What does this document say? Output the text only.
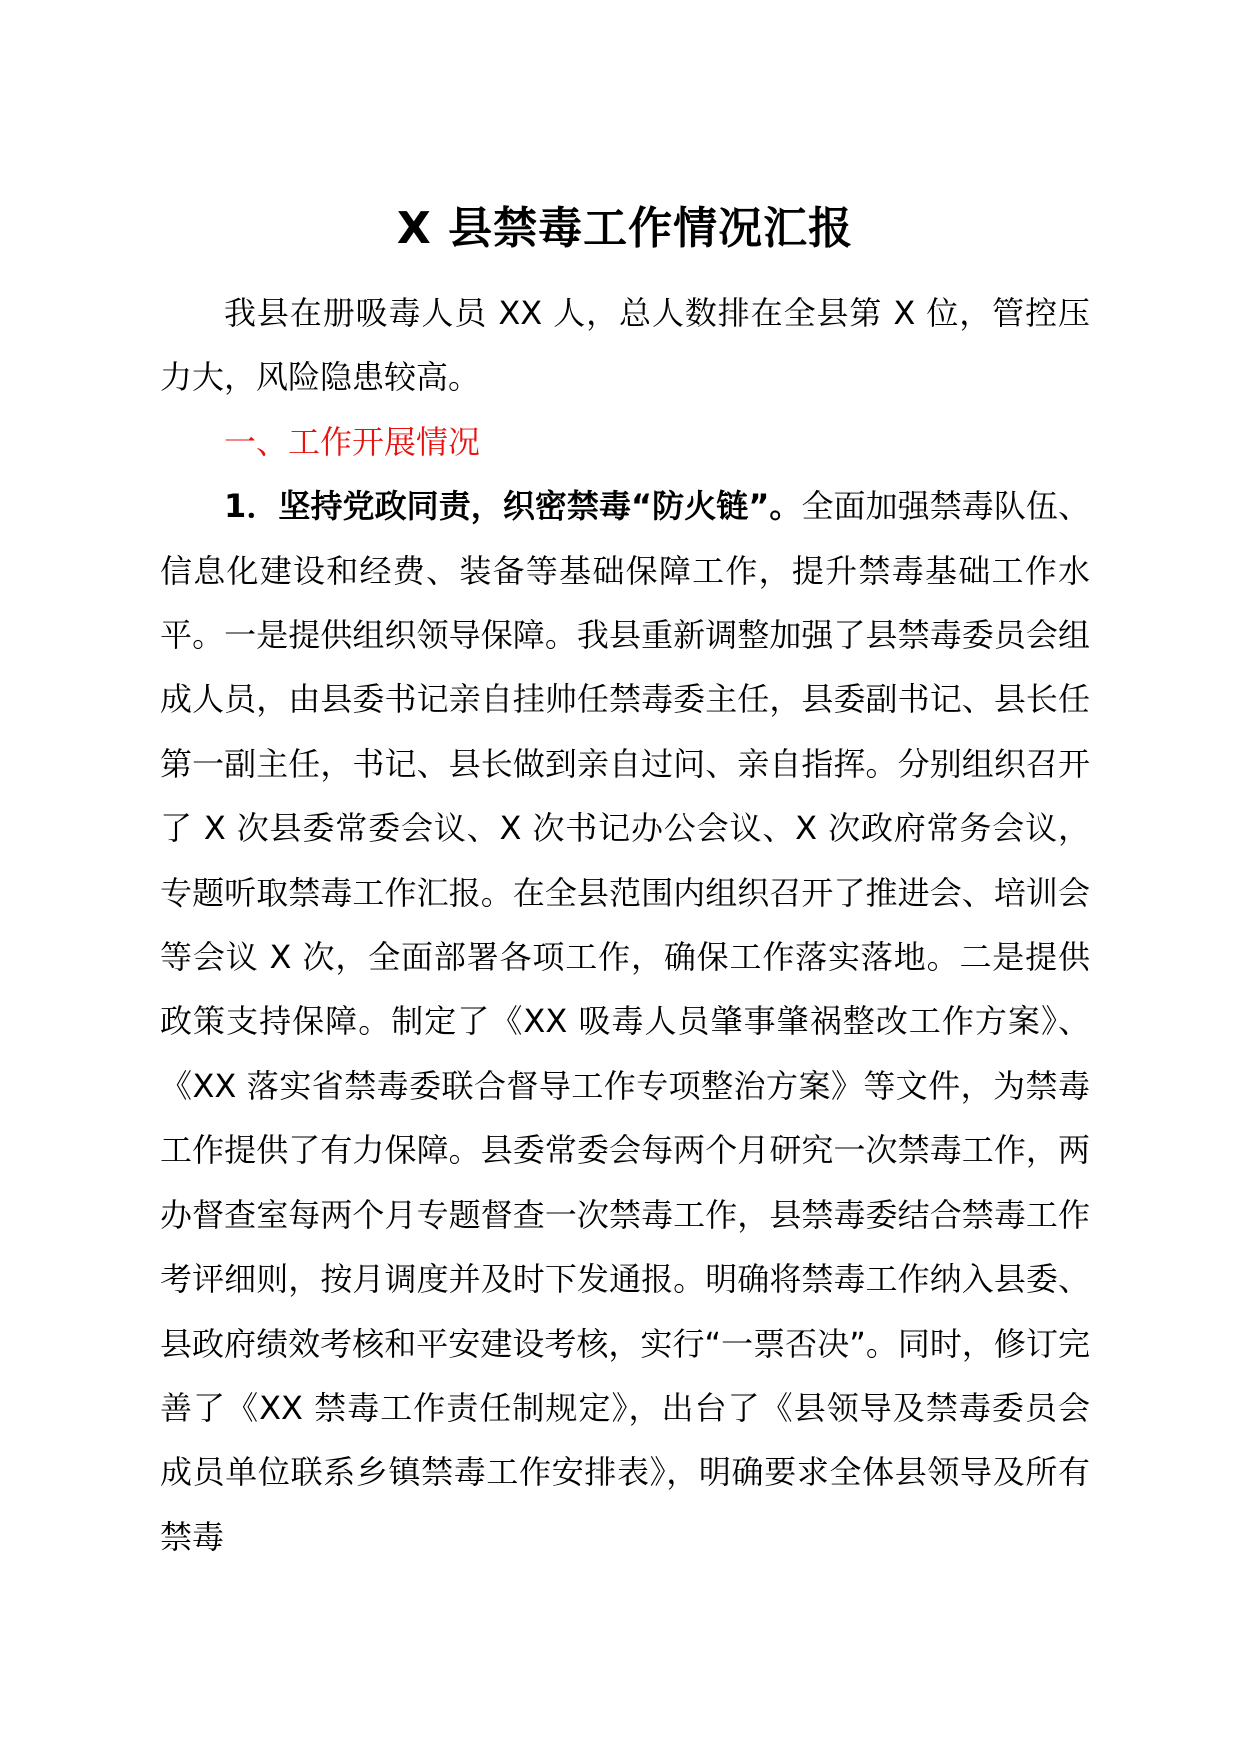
X 县禁毒工作情况汇报

我县在册吸毒人员 XX 人，总人数排在全县第 X 位，管控压力大，风险隐患较高。

一、工作开展情况

1．坚持党政同责，织密禁毒“防火链”。全面加强禁毒队伍、信息化建设和经费、装备等基础保障工作，提升禁毒基础工作水平。一是提供组织领导保障。我县重新调整加强了县禁毒委员会组成人员，由县委书记亲自挂帅任禁毒委主任，县委副书记、县长任第一副主任，书记、县长做到亲自过问、亲自指挥。分别组织召开了 X 次县委常委会议、X 次书记办公会议、X 次政府常务会议，专题听取禁毒工作汇报。在全县范围内组织召开了推进会、培训会等会议 X 次，全面部署各项工作，确保工作落实落地。二是提供政策支持保障。制定了《XX 吸毒人员肇事肇祸整改工作方案》、《XX 落实省禁毒委联合督导工作专项整治方案》等文件，为禁毒工作提供了有力保障。县委常委会每两个月研究一次禁毒工作，两办督查室每两个月专题督查一次禁毒工作，县禁毒委结合禁毒工作考评细则，按月调度并及时下发通报。明确将禁毒工作纳入县委、县政府绩效考核和平安建设考核，实行“一票否决”。同时，修订完善了《XX 禁毒工作责任制规定》，出台了《县领导及禁毒委员会成员单位联系乡镇禁毒工作安排表》，明确要求全体县领导及所有禁毒
